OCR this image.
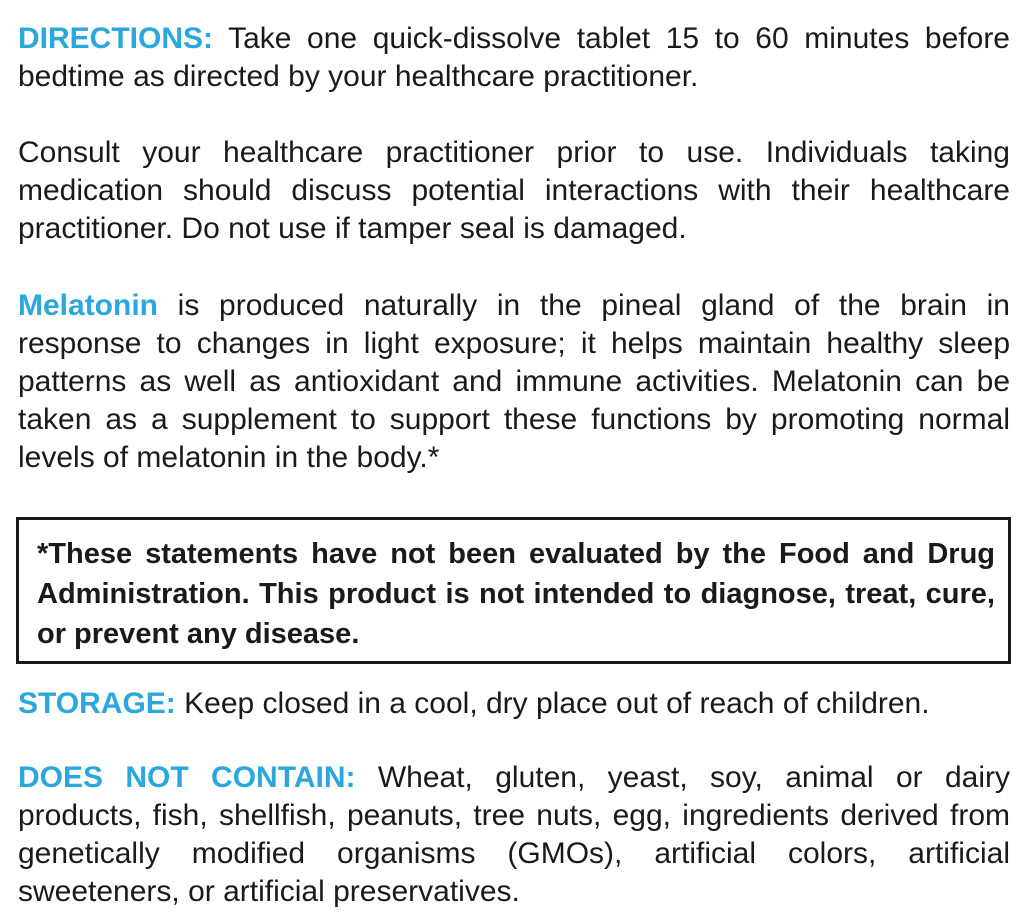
DIRECTIONS: Take one quick-dissolve tablet 15 to 60 minutes before bedtime as directed by your healthcare practitioner.

Consult your healthcare practitioner prior to use. Individuals taking medication should discuss potential interactions with their healthcare practitioner. Do not use if tamper seal is damaged.

Melatonin is produced naturally in the pineal gland of the brain in response to changes in light exposure; it helps maintain healthy sleep patterns as well as antioxidant and immune activities. Melatonin can be taken as a supplement to support these functions by promoting normal levels of melatonin in the body.*

*These statements have not been evaluated by the Food and Drug Administration. This product is not intended to diagnose, treat, cure, or prevent any disease.

STORAGE: Keep closed in a cool, dry place out of reach of children.

DOES NOT CONTAIN: Wheat, gluten, yeast, soy, animal or dairy products, fish, shellfish, peanuts, tree nuts, egg, ingredients derived from genetically modified organisms (GMOs), artificial colors, artificial sweeteners, or artificial preservatives.
